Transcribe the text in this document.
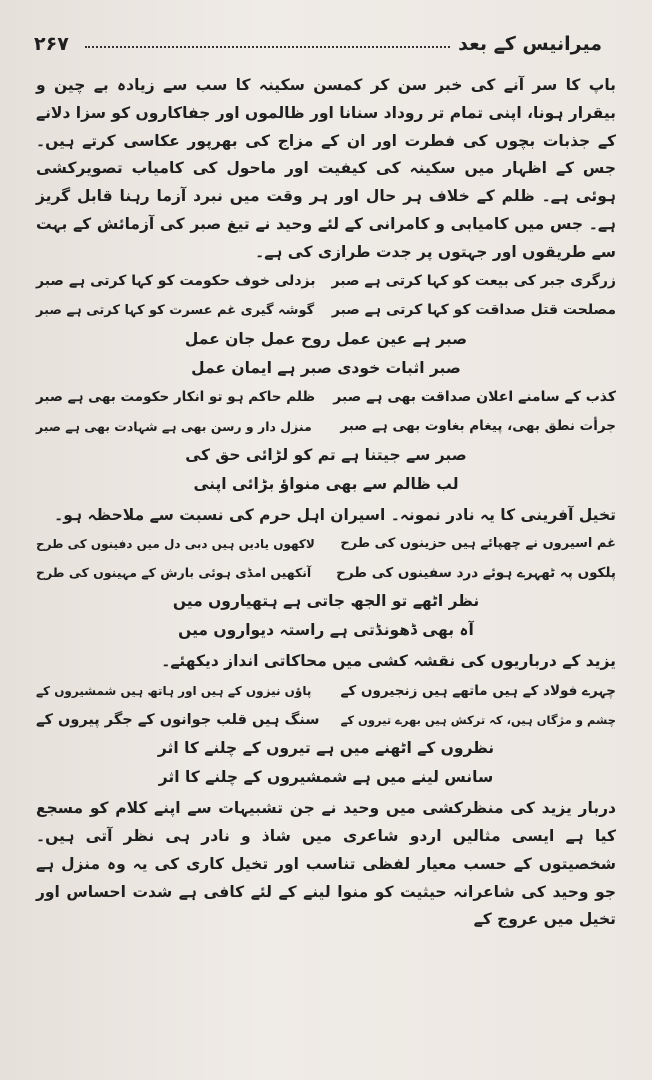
۲۶۷	میرانیس کے بعد

باپ کا سر آنے کی خبر سن کر کمسن سکینہ کا سب سے زیادہ بے چین و بیقرار ہونا، اپنی تمام تر روداد سنانا اور ظالموں اور جفاکاروں کو سزا دلانے کے جذبات بچوں کی فطرت اور ان کے مزاج کی بھرپور عکاسی کرتے ہیں۔ جس کے اظہار میں سکینہ کی کیفیت اور ماحول کی کامیاب تصویرکشی ہوئی ہے۔ ظلم کے خلاف ہر حال اور ہر وقت میں نبرد آزما رہنا قابل گریز ہے۔ جس میں کامیابی و کامرانی کے لئے وحید نے تیغ صبر کی آزمائش کے بہت سے طریقوں اور جہتوں پر جدت طرازی کی ہے۔

زرگری جبر کی بیعت کو کہا کرتی ہے صبر
بزدلی خوف حکومت کو کہا کرتی ہے صبر
مصلحت قتل صداقت کو کہا کرتی ہے صبر
گوشہ گیری غم عسرت کو کہا کرتی ہے صبر
صبر ہے عین عمل روح عمل جان عمل
صبر اثبات خودی صبر ہے ایمان عمل
کذب کے سامنے اعلان صداقت بھی ہے صبر
ظلم حاکم ہو تو انکار حکومت بھی ہے صبر
جرأت نطق بھی، پیغام بغاوت بھی ہے صبر
منزل دار و رسن بھی ہے شہادت بھی ہے صبر
صبر سے جیتنا ہے تم کو لڑائی حق کی
لب ظالم سے بھی منواؤ بڑائی اپنی

تخیل آفرینی کا یہ نادر نمونہ۔ اسیران اہل حرم کی نسبت سے ملاحظہ ہو۔

غم اسیروں نے چھپائے ہیں حزینوں کی طرح
لاکھوں یادیں ہیں دبی دل میں دفینوں کی طرح
پلکوں پہ ٹھہرے ہوئے درد سفینوں کی طرح
آنکھیں امڈی ہوئی بارش کے مہینوں کی طرح
نظر اٹھے تو الجھ جاتی ہے ہتھیاروں میں
آہ بھی ڈھونڈتی ہے راستہ دیواروں میں

یزید کے درباریوں کی نقشہ کشی میں محاکاتی انداز دیکھئے۔

چہرے فولاد کے ہیں ماتھے ہیں زنجیروں کے
پاؤں نیزوں کے ہیں اور ہاتھ ہیں شمشیروں کے
چشم و مژگاں ہیں، کہ ترکش ہیں بھرے تیروں کے
سنگ ہیں قلب جوانوں کے جگر پیروں کے
نظروں کے اٹھنے میں ہے تیروں کے چلنے کا اثر
سانس لینے میں ہے شمشیروں کے چلنے کا اثر

دربار یزید کی منظرکشی میں وحید نے جن تشبیہات سے اپنے کلام کو مسجع کیا ہے ایسی مثالیں اردو شاعری میں شاذ و نادر ہی نظر آتی ہیں۔ شخصیتوں کے حسب معیار لفظی تناسب اور تخیل کاری کی یہ وہ منزل ہے جو وحید کی شاعرانہ حیثیت کو منوا لینے کے لئے کافی ہے شدت احساس اور تخیل میں عروج کے
